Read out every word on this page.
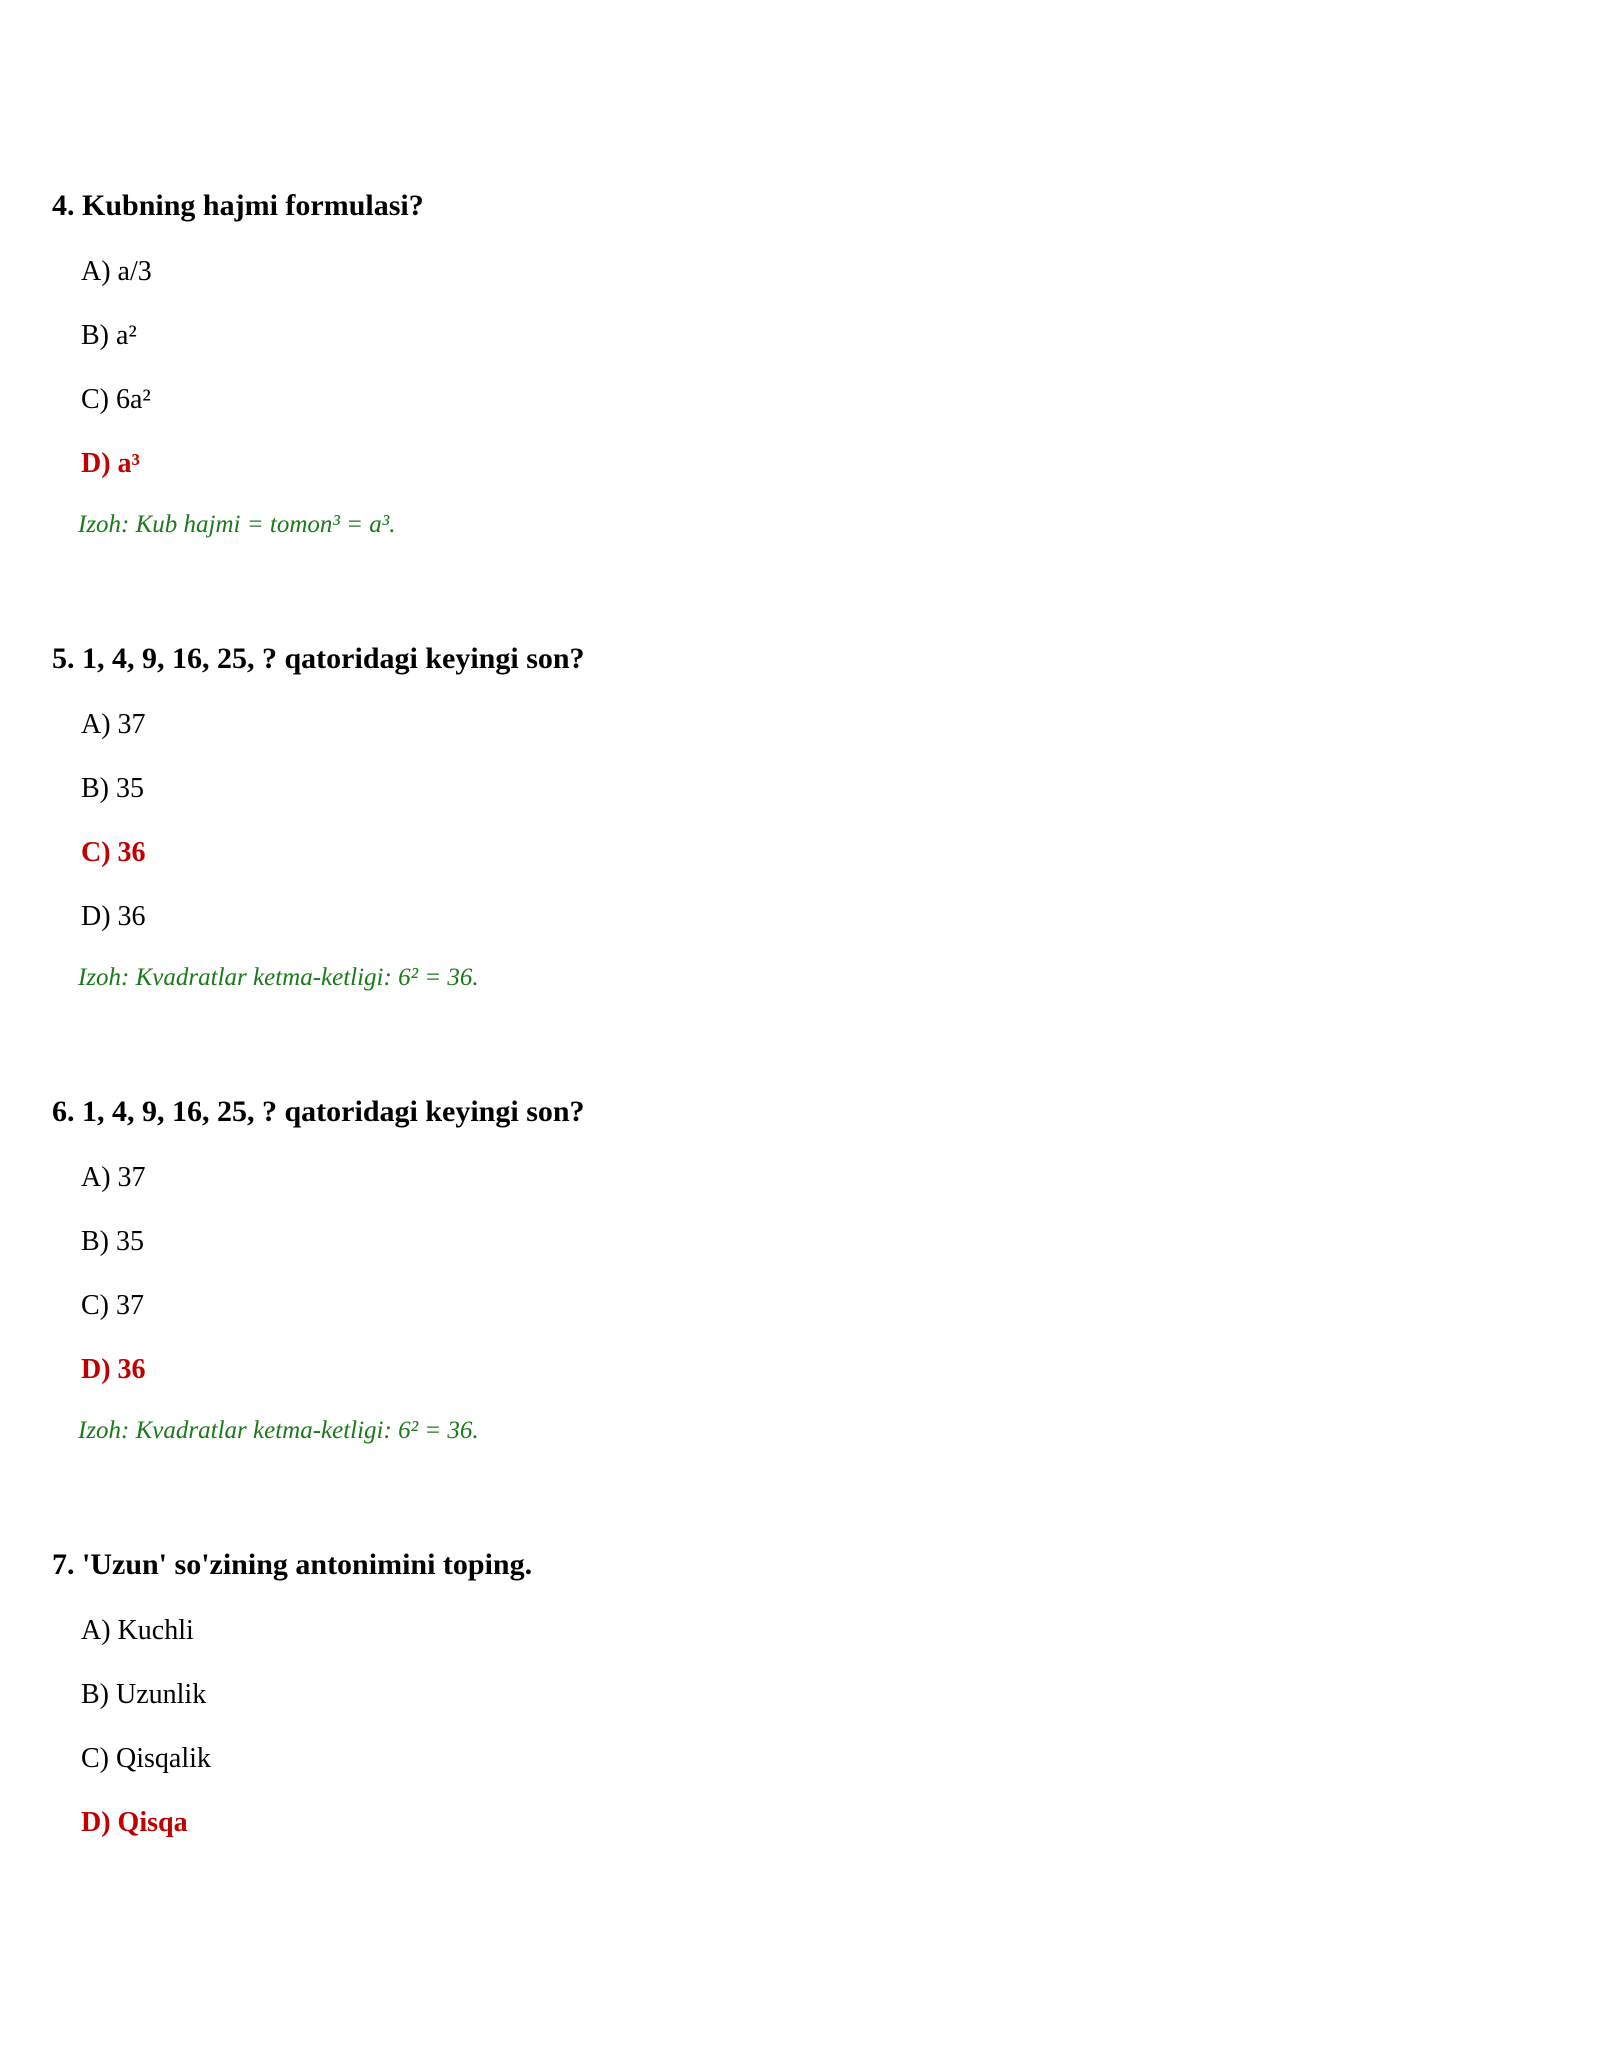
4. Kubning hajmi formulasi?
A) a/3
B) a²
C) 6a²
D) a³
Izoh: Kub hajmi = tomon³ = a³.
5. 1, 4, 9, 16, 25, ? qatoridagi keyingi son?
A) 37
B) 35
C) 36
D) 36
Izoh: Kvadratlar ketma-ketligi: 6² = 36.
6. 1, 4, 9, 16, 25, ? qatoridagi keyingi son?
A) 37
B) 35
C) 37
D) 36
Izoh: Kvadratlar ketma-ketligi: 6² = 36.
7. 'Uzun' so'zining antonimini toping.
A) Kuchli
B) Uzunlik
C) Qisqalik
D) Qisqa
